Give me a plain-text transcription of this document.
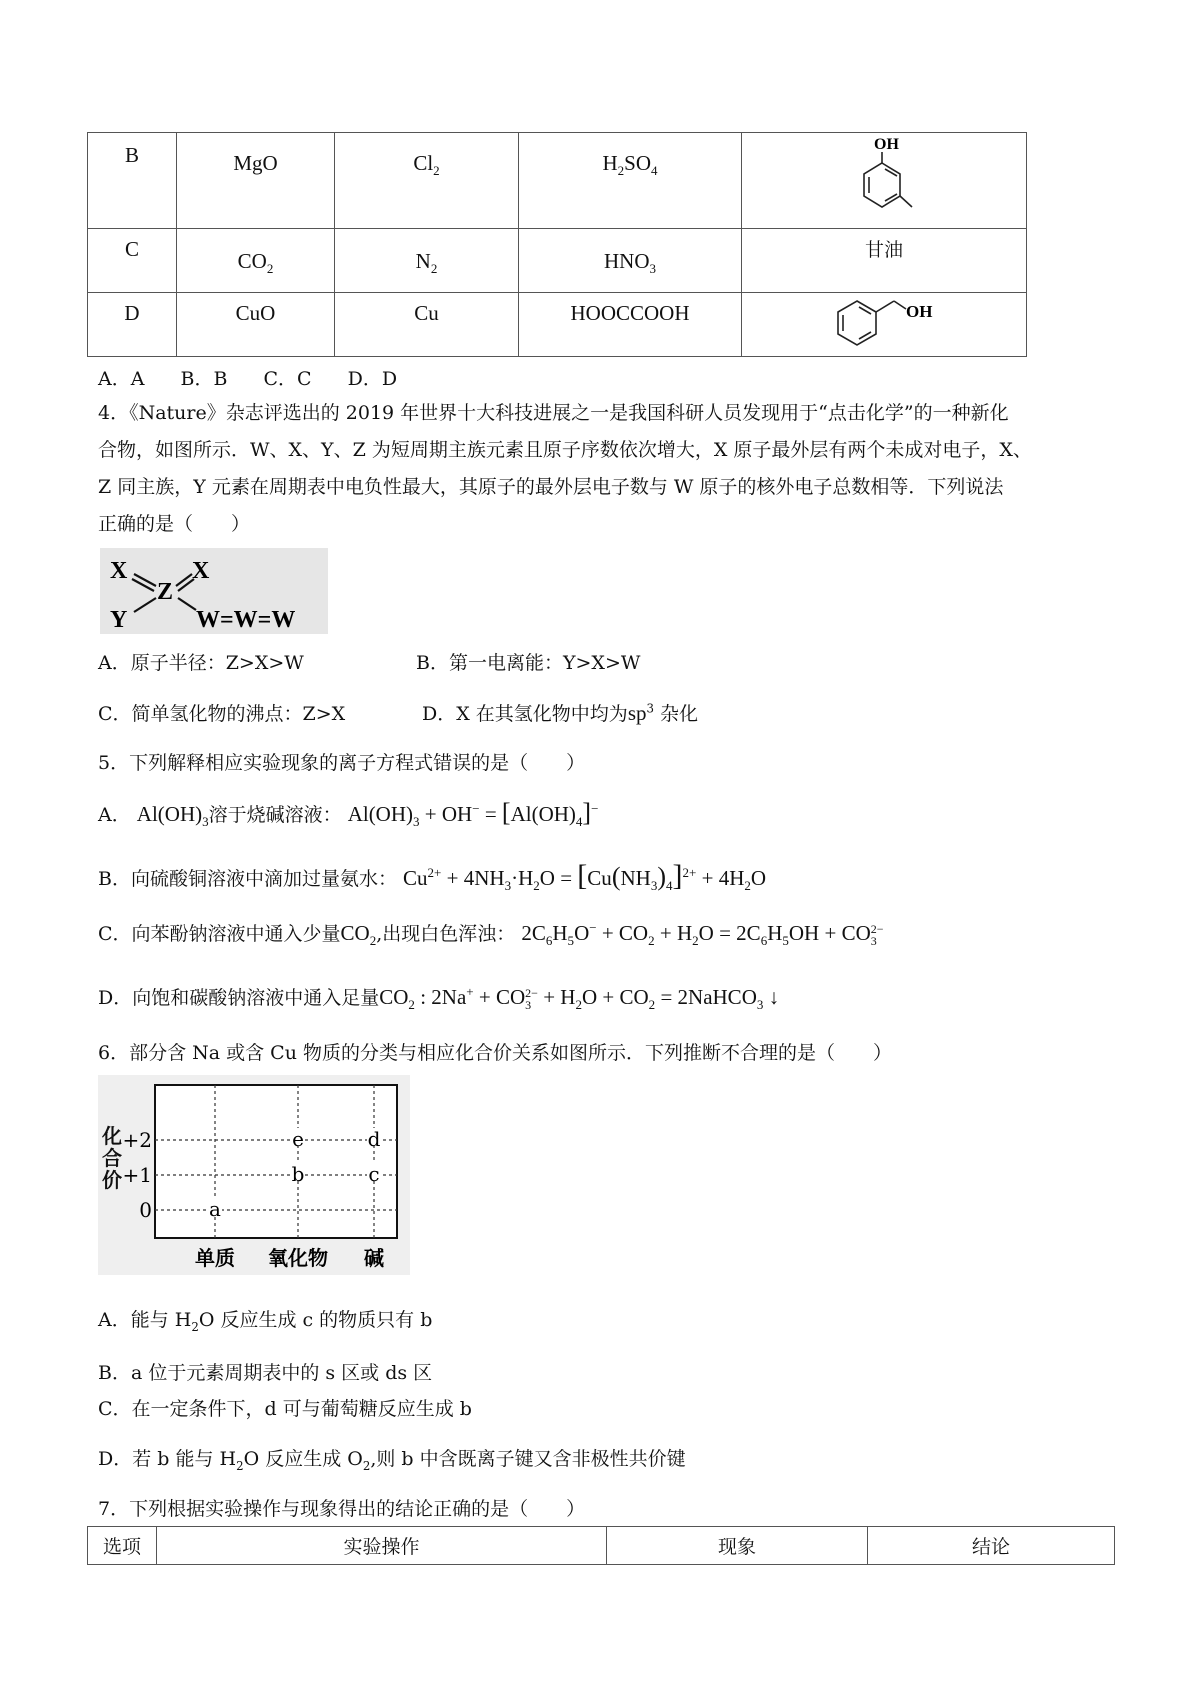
B	MgO	$Cl_2$	$H_2SO_4$	OH

C	$CO_2$	$N_2$	$HNO_3$	甘油

D	CuO	Cu	HOOCCOOH	OH
A．A B．B C．C D．D
4．《Nature》杂志评选出的 2019 年世界十大科技进展之一是我国科研人员发现用于“点击化学”的一种新化
合物，如图所示．W、X、Y、Z 为短周期主族元素且原子序数依次增大，X 原子最外层有两个未成对电子，X、
Z 同主族，Y 元素在周期表中电负性最大，其原子的最外层电子数与 W 原子的核外电子总数相等．下列说法
正确的是（　　）
X	X
Z
Y	W=W=W
A．原子半径：Z>X>W	B．第一电离能：Y>X>W
C．简单氢化物的沸点：Z>X	D．X 在其氢化物中均为$sp^3$ 杂化
5．下列解释相应实验现象的离子方程式错误的是（　　）
A． $Al(OH)_3$溶于烧碱溶液： $Al(OH)_3 + OH^- = [Al(OH)_4]^-$
B．向硫酸铜溶液中滴加过量氨水： $Cu^{2+} + 4NH_3\cdot H_2O = [Cu(NH_3)_4]^{2+} + 4H_2O$
C．向苯酚钠溶液中通入少量$CO_2$,出现白色浑浊： $2C_6H_5O^- + CO_2 + H_2O = 2C_6H_5OH$ + CO 2−
3
D．向饱和碳酸钠溶液中通入足量$CO_2$ : 2Na+ + CO 2−
$3 + H_2O + CO_2$ = 2NaHCO$_3$ ↓
6．部分含 Na 或含 Cu 物质的分类与相应化合价关系如图所示．下列推断不合理的是（　　）
a
b
e
c
d
+2
+1
0
单质 氧化物 碱
化合价
A．能与 $H_2O$ 反应生成 c 的物质只有 b
B．a 位于元素周期表中的 s 区或 ds 区
C．在一定条件下，d 可与葡萄糖反应生成 b
D．若 b 能与 $H_2O$ 反应生成 $O_2$,则 b 中含既离子键又含非极性共价键
7．下列根据实验操作与现象得出的结论正确的是（　　）
选项	实验操作	现象	结论
